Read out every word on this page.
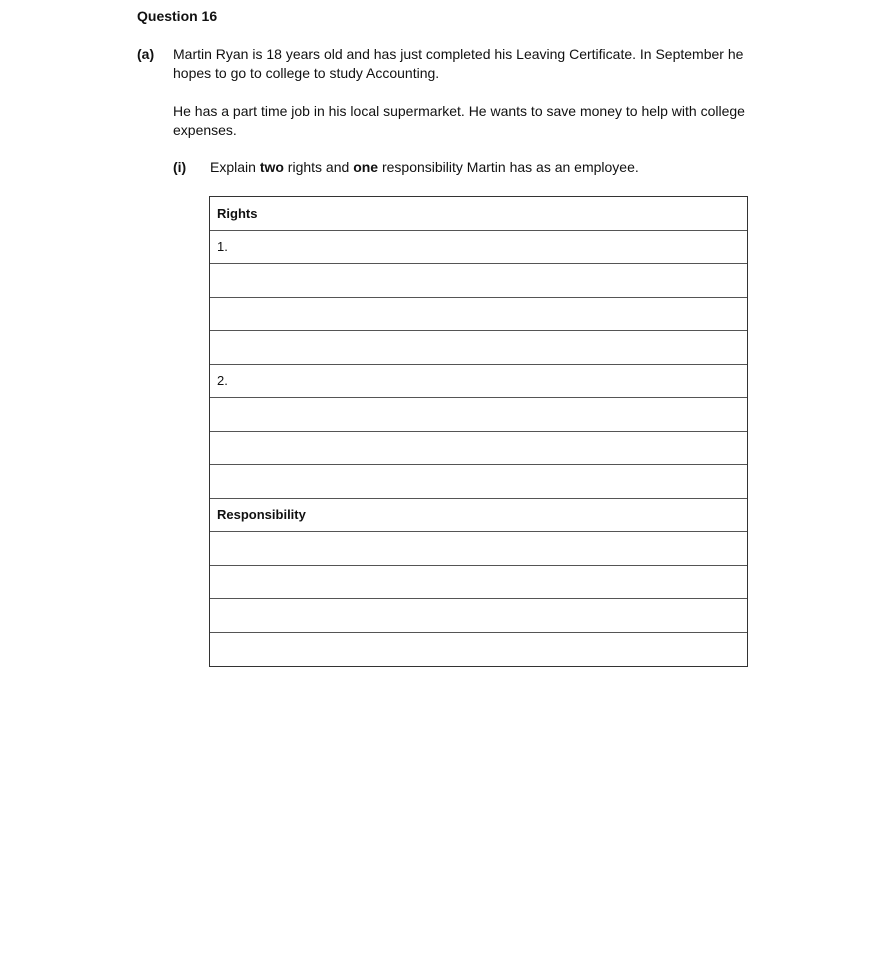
Question 16
(a) Martin Ryan is 18 years old and has just completed his Leaving Certificate. In September he hopes to go to college to study Accounting.

He has a part time job in his local supermarket. He wants to save money to help with college expenses.

(i) Explain two rights and one responsibility Martin has as an employee.
Rights
1.
2.
Responsibility
